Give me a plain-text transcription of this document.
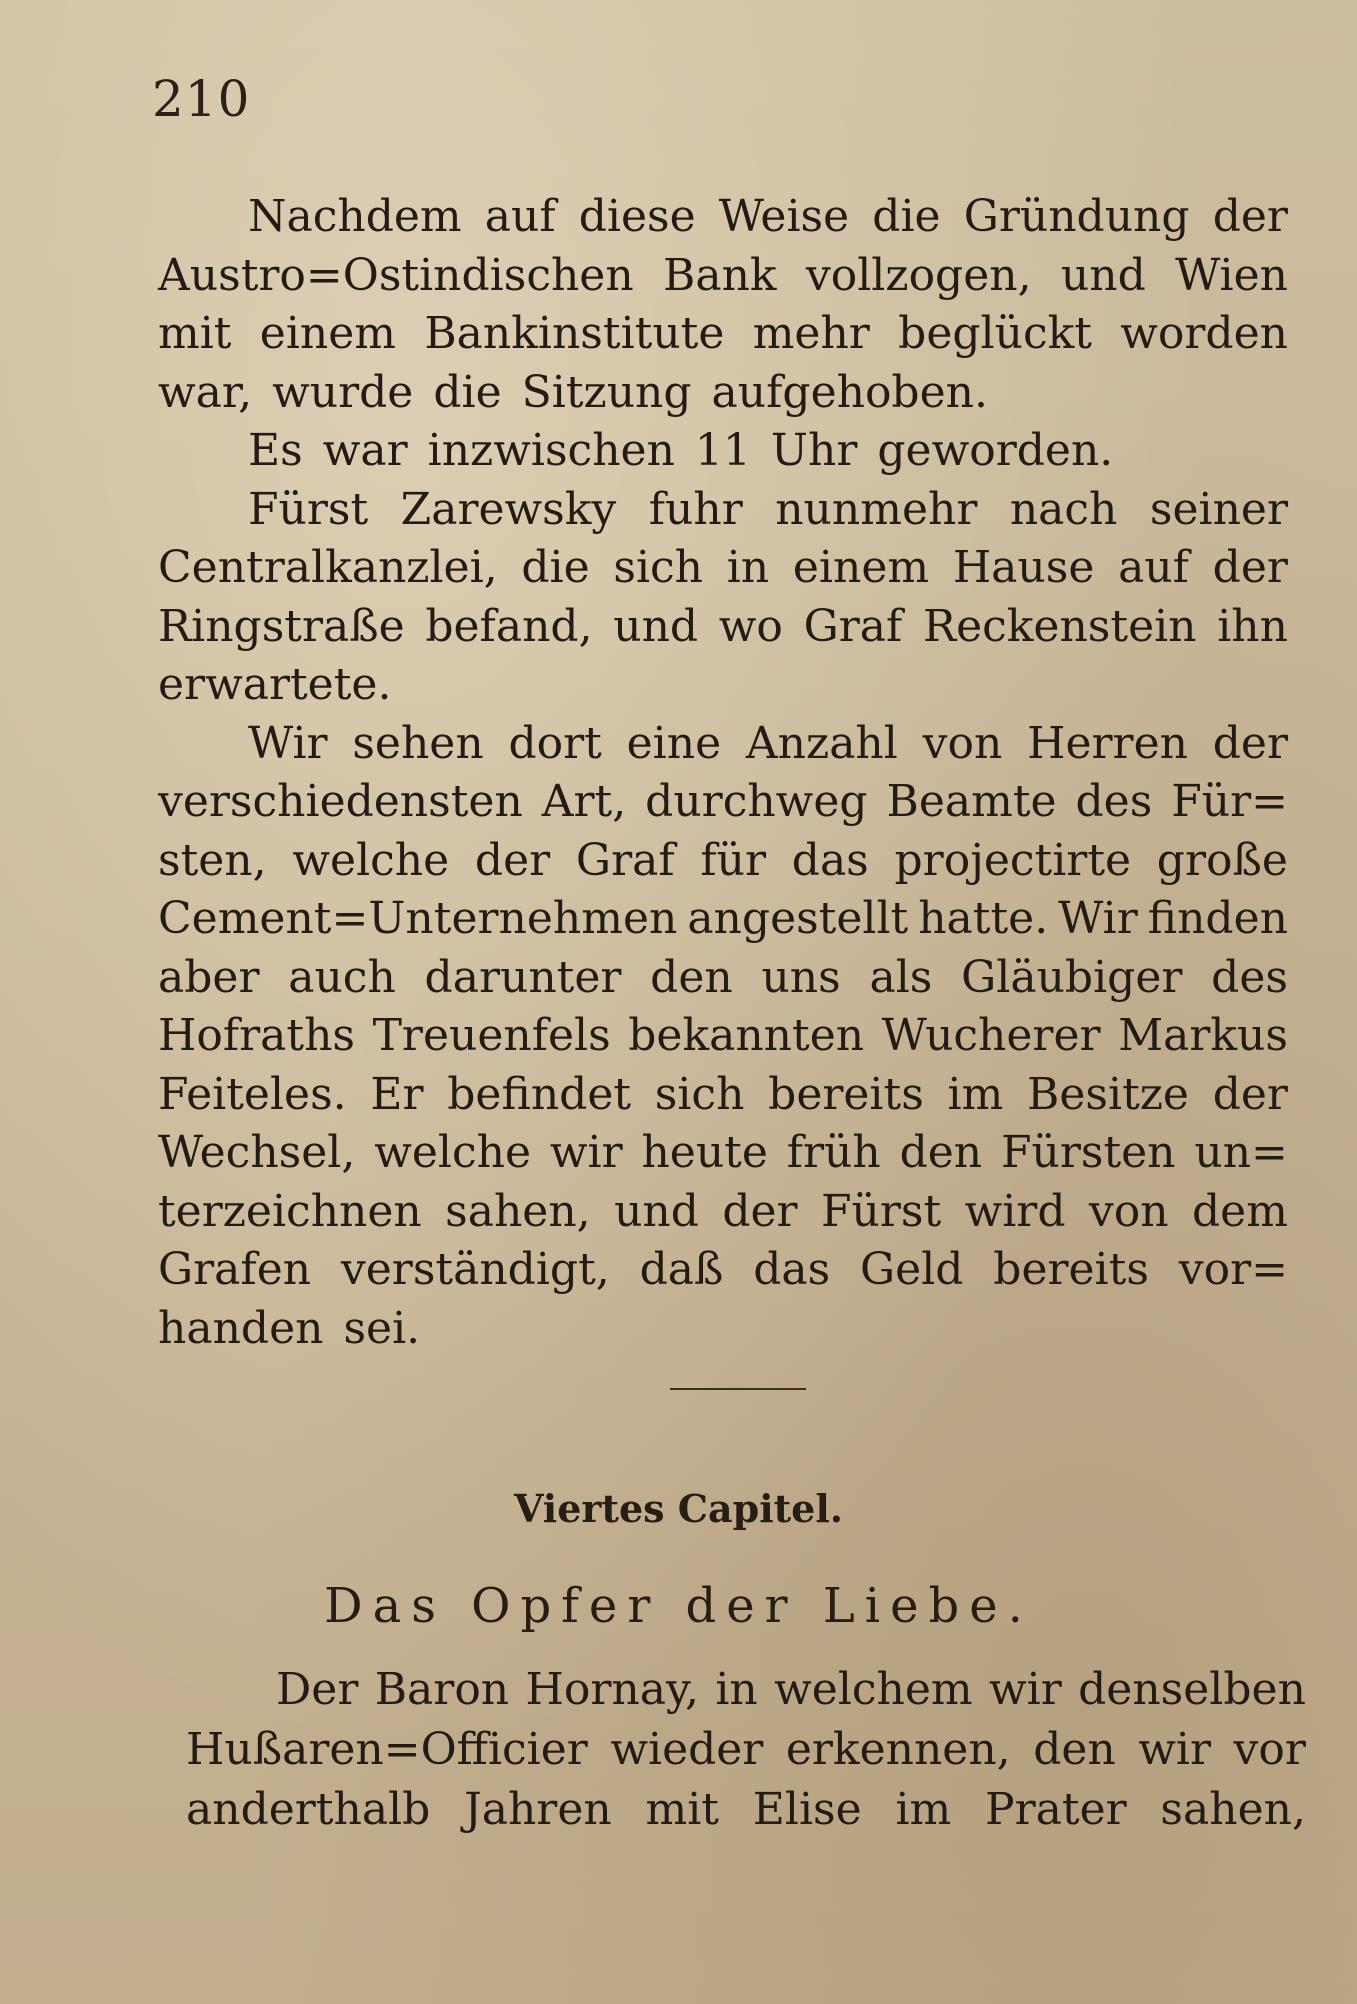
210
Nachdem auf diese Weise die Gründung der
Austro=Ostindischen Bank vollzogen, und Wien
mit einem Bankinstitute mehr beglückt worden
war, wurde die Sitzung aufgehoben.
Es war inzwischen 11 Uhr geworden.
Fürst Zarewsky fuhr nunmehr nach seiner
Centralkanzlei, die sich in einem Hause auf der
Ringstraße befand, und wo Graf Reckenstein ihn
erwartete.
Wir sehen dort eine Anzahl von Herren der
verschiedensten Art, durchweg Beamte des Für=
sten, welche der Graf für das projectirte große
Cement=Unternehmen angestellt hatte. Wir finden
aber auch darunter den uns als Gläubiger des
Hofraths Treuenfels bekannten Wucherer Markus
Feiteles. Er befindet sich bereits im Besitze der
Wechsel, welche wir heute früh den Fürsten un=
terzeichnen sahen, und der Fürst wird von dem
Grafen verständigt, daß das Geld bereits vor=
handen sei.
Viertes Capitel.
Das Opfer der Liebe.
Der Baron Hornay, in welchem wir denselben
Hußaren=Officier wieder erkennen, den wir vor
anderthalb Jahren mit Elise im Prater sahen,
